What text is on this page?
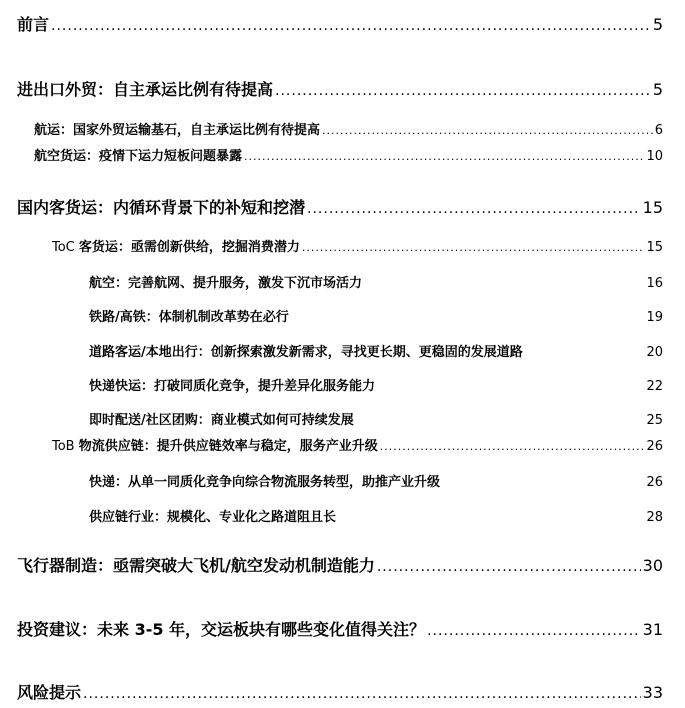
前言 .....	5
进出口外贸：自主承运比例有待提高 .....	5
航运：国家外贸运输基石，自主承运比例有待提高 .....	6
航空货运：疫情下运力短板问题暴露 .....	10
国内客货运：内循环背景下的补短和挖潜 .....	15
ToC 客货运：亟需创新供给，挖掘消费潜力 .....	15
航空：完善航网、提升服务，激发下沉市场活力	16
铁路/高铁：体制机制改革势在必行	19
道路客运/本地出行：创新探索激发新需求，寻找更长期、更稳固的发展道路	20
快递快运：打破同质化竞争，提升差异化服务能力	22
即时配送/社区团购：商业模式如何可持续发展	25
ToB 物流供应链：提升供应链效率与稳定，服务产业升级 .....	26
快递：从单一同质化竞争向综合物流服务转型，助推产业升级	26
供应链行业：规模化、专业化之路道阻且长	28
飞行器制造：亟需突破大飞机/航空发动机制造能力 .....	30
投资建议：未来 3-5 年，交运板块有哪些变化值得关注？ .....	31
风险提示 .....	33
